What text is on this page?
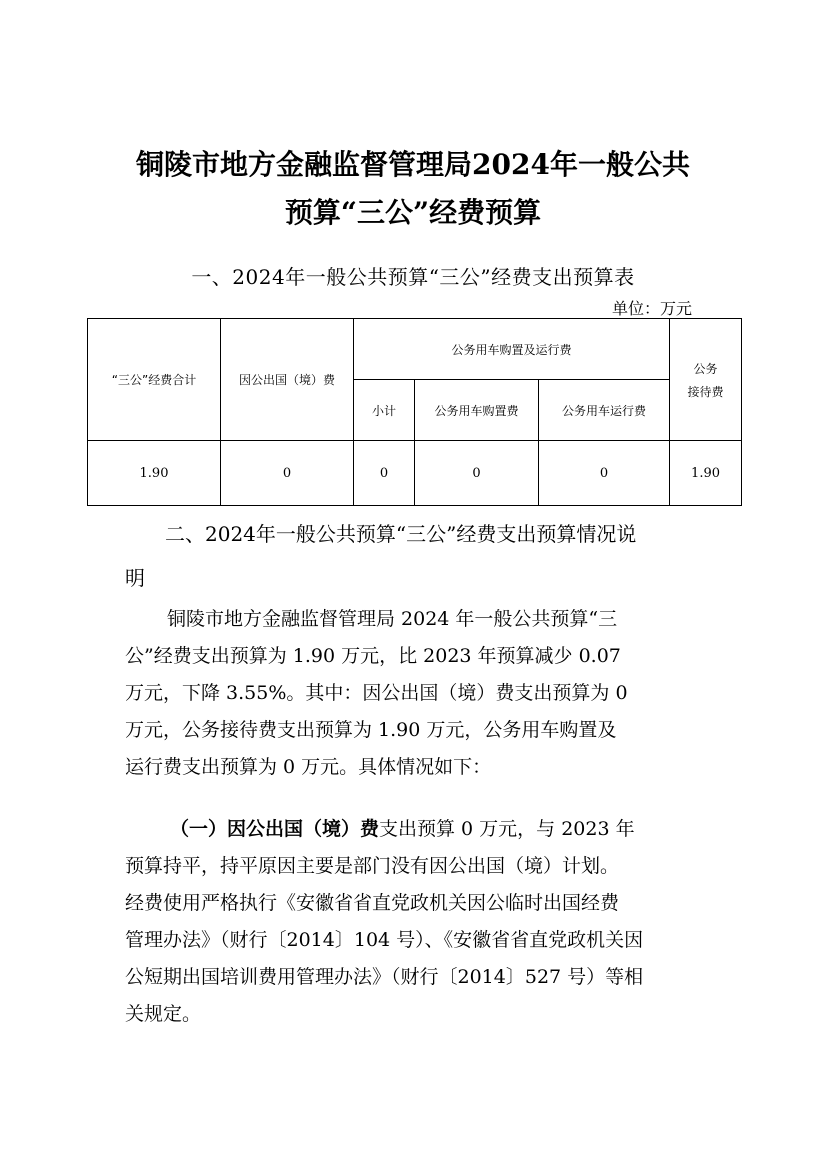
铜陵市地方金融监督管理局2024年一般公共
预算“三公”经费预算
一、2024年一般公共预算“三公”经费支出预算表
单位：万元
“三公”经费合计	因公出国（境）费	公务用车购置及运行费			公务
接待费

		小计	公务用车购置费	公务用车运行费	
1.90	0	0	0	0	1.90
二、2024年一般公共预算“三公”经费支出预算情况说
明
铜陵市地方金融监督管理局 2024 年一般公共预算“三
公”经费支出预算为 1.90 万元，比 2023 年预算减少 0.07
万元，下降 3.55%。其中：因公出国（境）费支出预算为 0
万元，公务接待费支出预算为 1.90 万元，公务用车购置及
运行费支出预算为 0 万元。具体情况如下：
（一）因公出国（境）费支出预算 0 万元，与 2023 年
预算持平，持平原因主要是部门没有因公出国（境）计划。
经费使用严格执行《安徽省省直党政机关因公临时出国经费
管理办法》（财行〔2014〕104 号）、《安徽省省直党政机关因
公短期出国培训费用管理办法》（财行〔2014〕527 号）等相
关规定。
